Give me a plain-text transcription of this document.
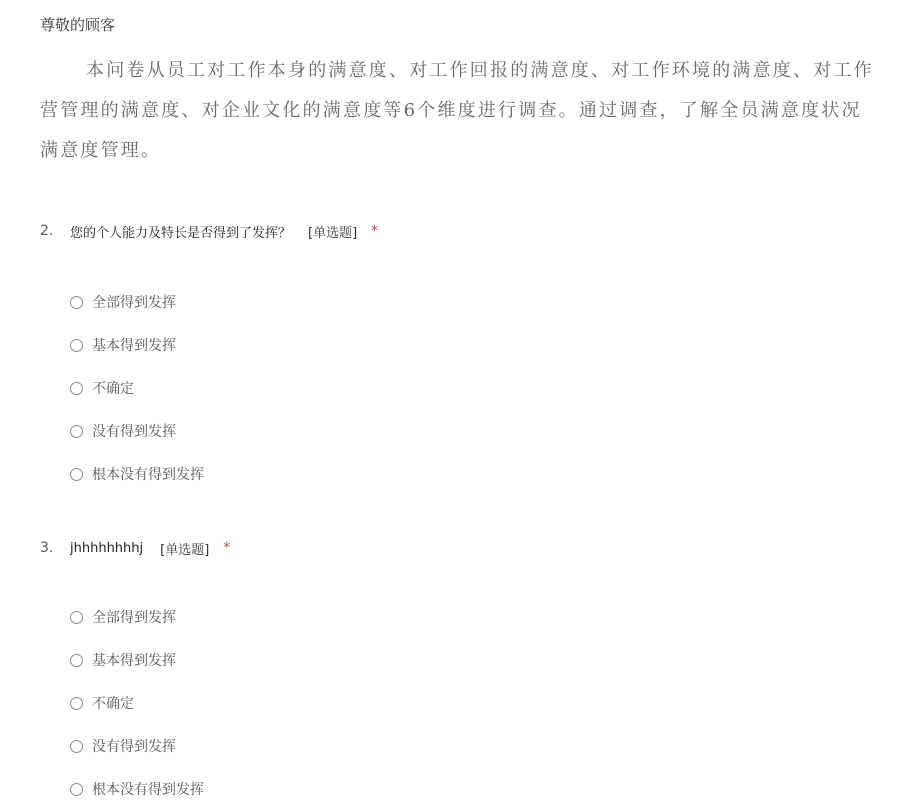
尊敬的顾客
本问卷从员工对工作本身的满意度、对工作回报的满意度、对工作环境的满意度、对工作
营管理的满意度、对企业文化的满意度等6个维度进行调查。通过调查，了解全员满意度状况
满意度管理。
2.	您的个人能力及特长是否得到了发挥？ [单选题] *
全部得到发挥
基本得到发挥
不确定
没有得到发挥
根本没有得到发挥
3.	jhhhhhhhhj [单选题] *
全部得到发挥
基本得到发挥
不确定
没有得到发挥
根本没有得到发挥
